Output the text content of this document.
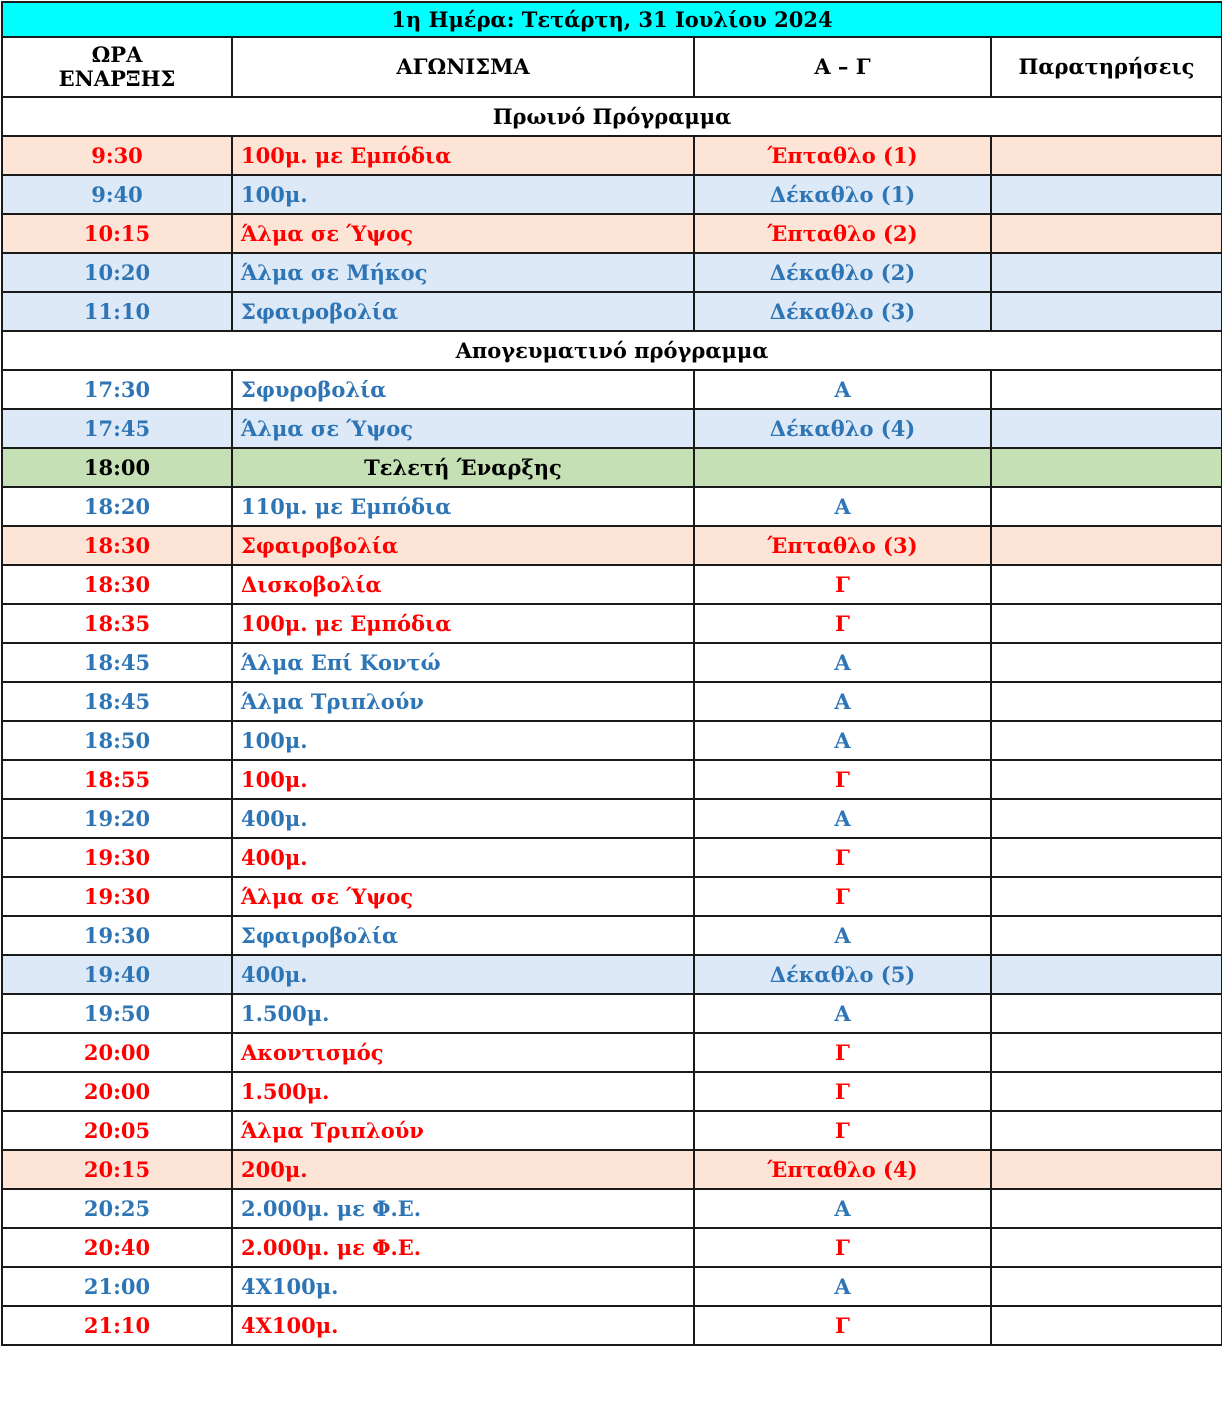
1η Ημέρα: Τετάρτη, 31 Ιουλίου 2024			
ΩΡΑ
ΕΝΑΡΞΗΣ	ΑΓΩΝΙΣΜΑ	Α – Γ	Παρατηρήσεις
Πρωινό Πρόγραμμα			
9:30	100μ. με Εμπόδια	Έπταθλο (1)	
9:40	100μ.	Δέκαθλο (1)	
10:15	Άλμα σε Ύψος	Έπταθλο (2)	
10:20	Άλμα σε Μήκος	Δέκαθλο (2)	
11:10	Σφαιροβολία	Δέκαθλο (3)	
Απογευματινό πρόγραμμα			
17:30	Σφυροβολία	Α	
17:45	Άλμα σε Ύψος	Δέκαθλο (4)	
18:00	Τελετή Έναρξης		
18:20	110μ. με Εμπόδια	Α	
18:30	Σφαιροβολία	Έπταθλο (3)	
18:30	Δισκοβολία	Γ	
18:35	100μ. με Εμπόδια	Γ	
18:45	Άλμα Επί Κοντώ	Α	
18:45	Άλμα Τριπλούν	Α	
18:50	100μ.	Α	
18:55	100μ.	Γ	
19:20	400μ.	Α	
19:30	400μ.	Γ	
19:30	Άλμα σε Ύψος	Γ	
19:30	Σφαιροβολία	Α	
19:40	400μ.	Δέκαθλο (5)	
19:50	1.500μ.	Α	
20:00	Ακοντισμός	Γ	
20:00	1.500μ.	Γ	
20:05	Άλμα Τριπλούν	Γ	
20:15	200μ.	Έπταθλο (4)	
20:25	2.000μ. με Φ.Ε.	Α	
20:40	2.000μ. με Φ.Ε.	Γ	
21:00	4Χ100μ.	Α	
21:10	4Χ100μ.	Γ	
